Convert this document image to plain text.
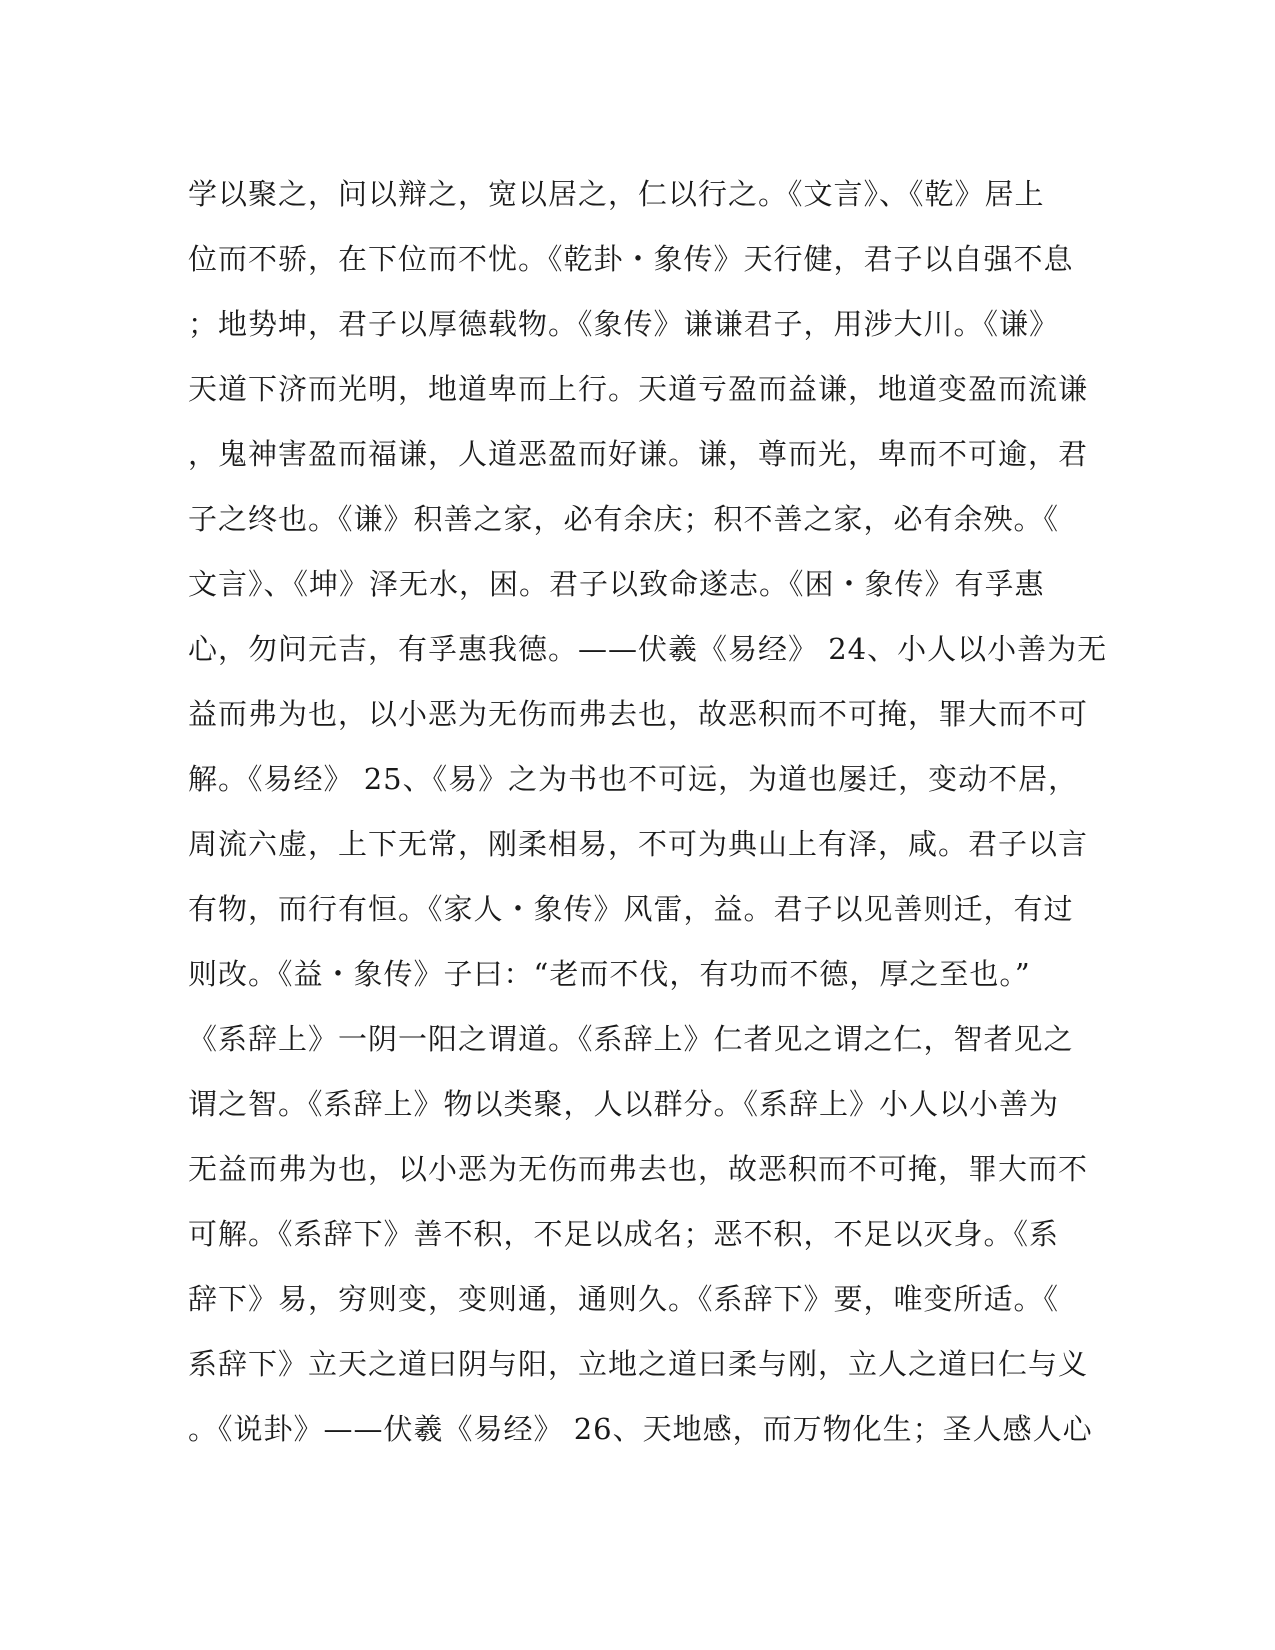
学以聚之，问以辩之，宽以居之，仁以行之。《文言》、《乾》居上
位而不骄，在下位而不忧。《乾卦・象传》天行健，君子以自强不息
；地势坤，君子以厚德载物。《象传》谦谦君子，用涉大川。《谦》
天道下济而光明，地道卑而上行。天道亏盈而益谦，地道变盈而流谦
，鬼神害盈而福谦，人道恶盈而好谦。谦，尊而光，卑而不可逾，君
子之终也。《谦》积善之家，必有余庆；积不善之家，必有余殃。《
文言》、《坤》泽无水，困。君子以致命遂志。《困・象传》有孚惠
心，勿问元吉，有孚惠我德。——伏羲《易经》 24、小人以小善为无
益而弗为也，以小恶为无伤而弗去也，故恶积而不可掩，罪大而不可
解。《易经》 25、《易》之为书也不可远，为道也屡迁，变动不居，
周流六虚，上下无常，刚柔相易，不可为典山上有泽，咸。君子以言
有物，而行有恒。《家人・象传》风雷，益。君子以见善则迁，有过
则改。《益・象传》子曰：“老而不伐，有功而不德，厚之至也。”
《系辞上》一阴一阳之谓道。《系辞上》仁者见之谓之仁，智者见之
谓之智。《系辞上》物以类聚，人以群分。《系辞上》小人以小善为
无益而弗为也，以小恶为无伤而弗去也，故恶积而不可掩，罪大而不
可解。《系辞下》善不积，不足以成名；恶不积，不足以灭身。《系
辞下》易，穷则变，变则通，通则久。《系辞下》要，唯变所适。《
系辞下》立天之道曰阴与阳，立地之道曰柔与刚，立人之道曰仁与义
。《说卦》——伏羲《易经》 26、天地感，而万物化生；圣人感人心
